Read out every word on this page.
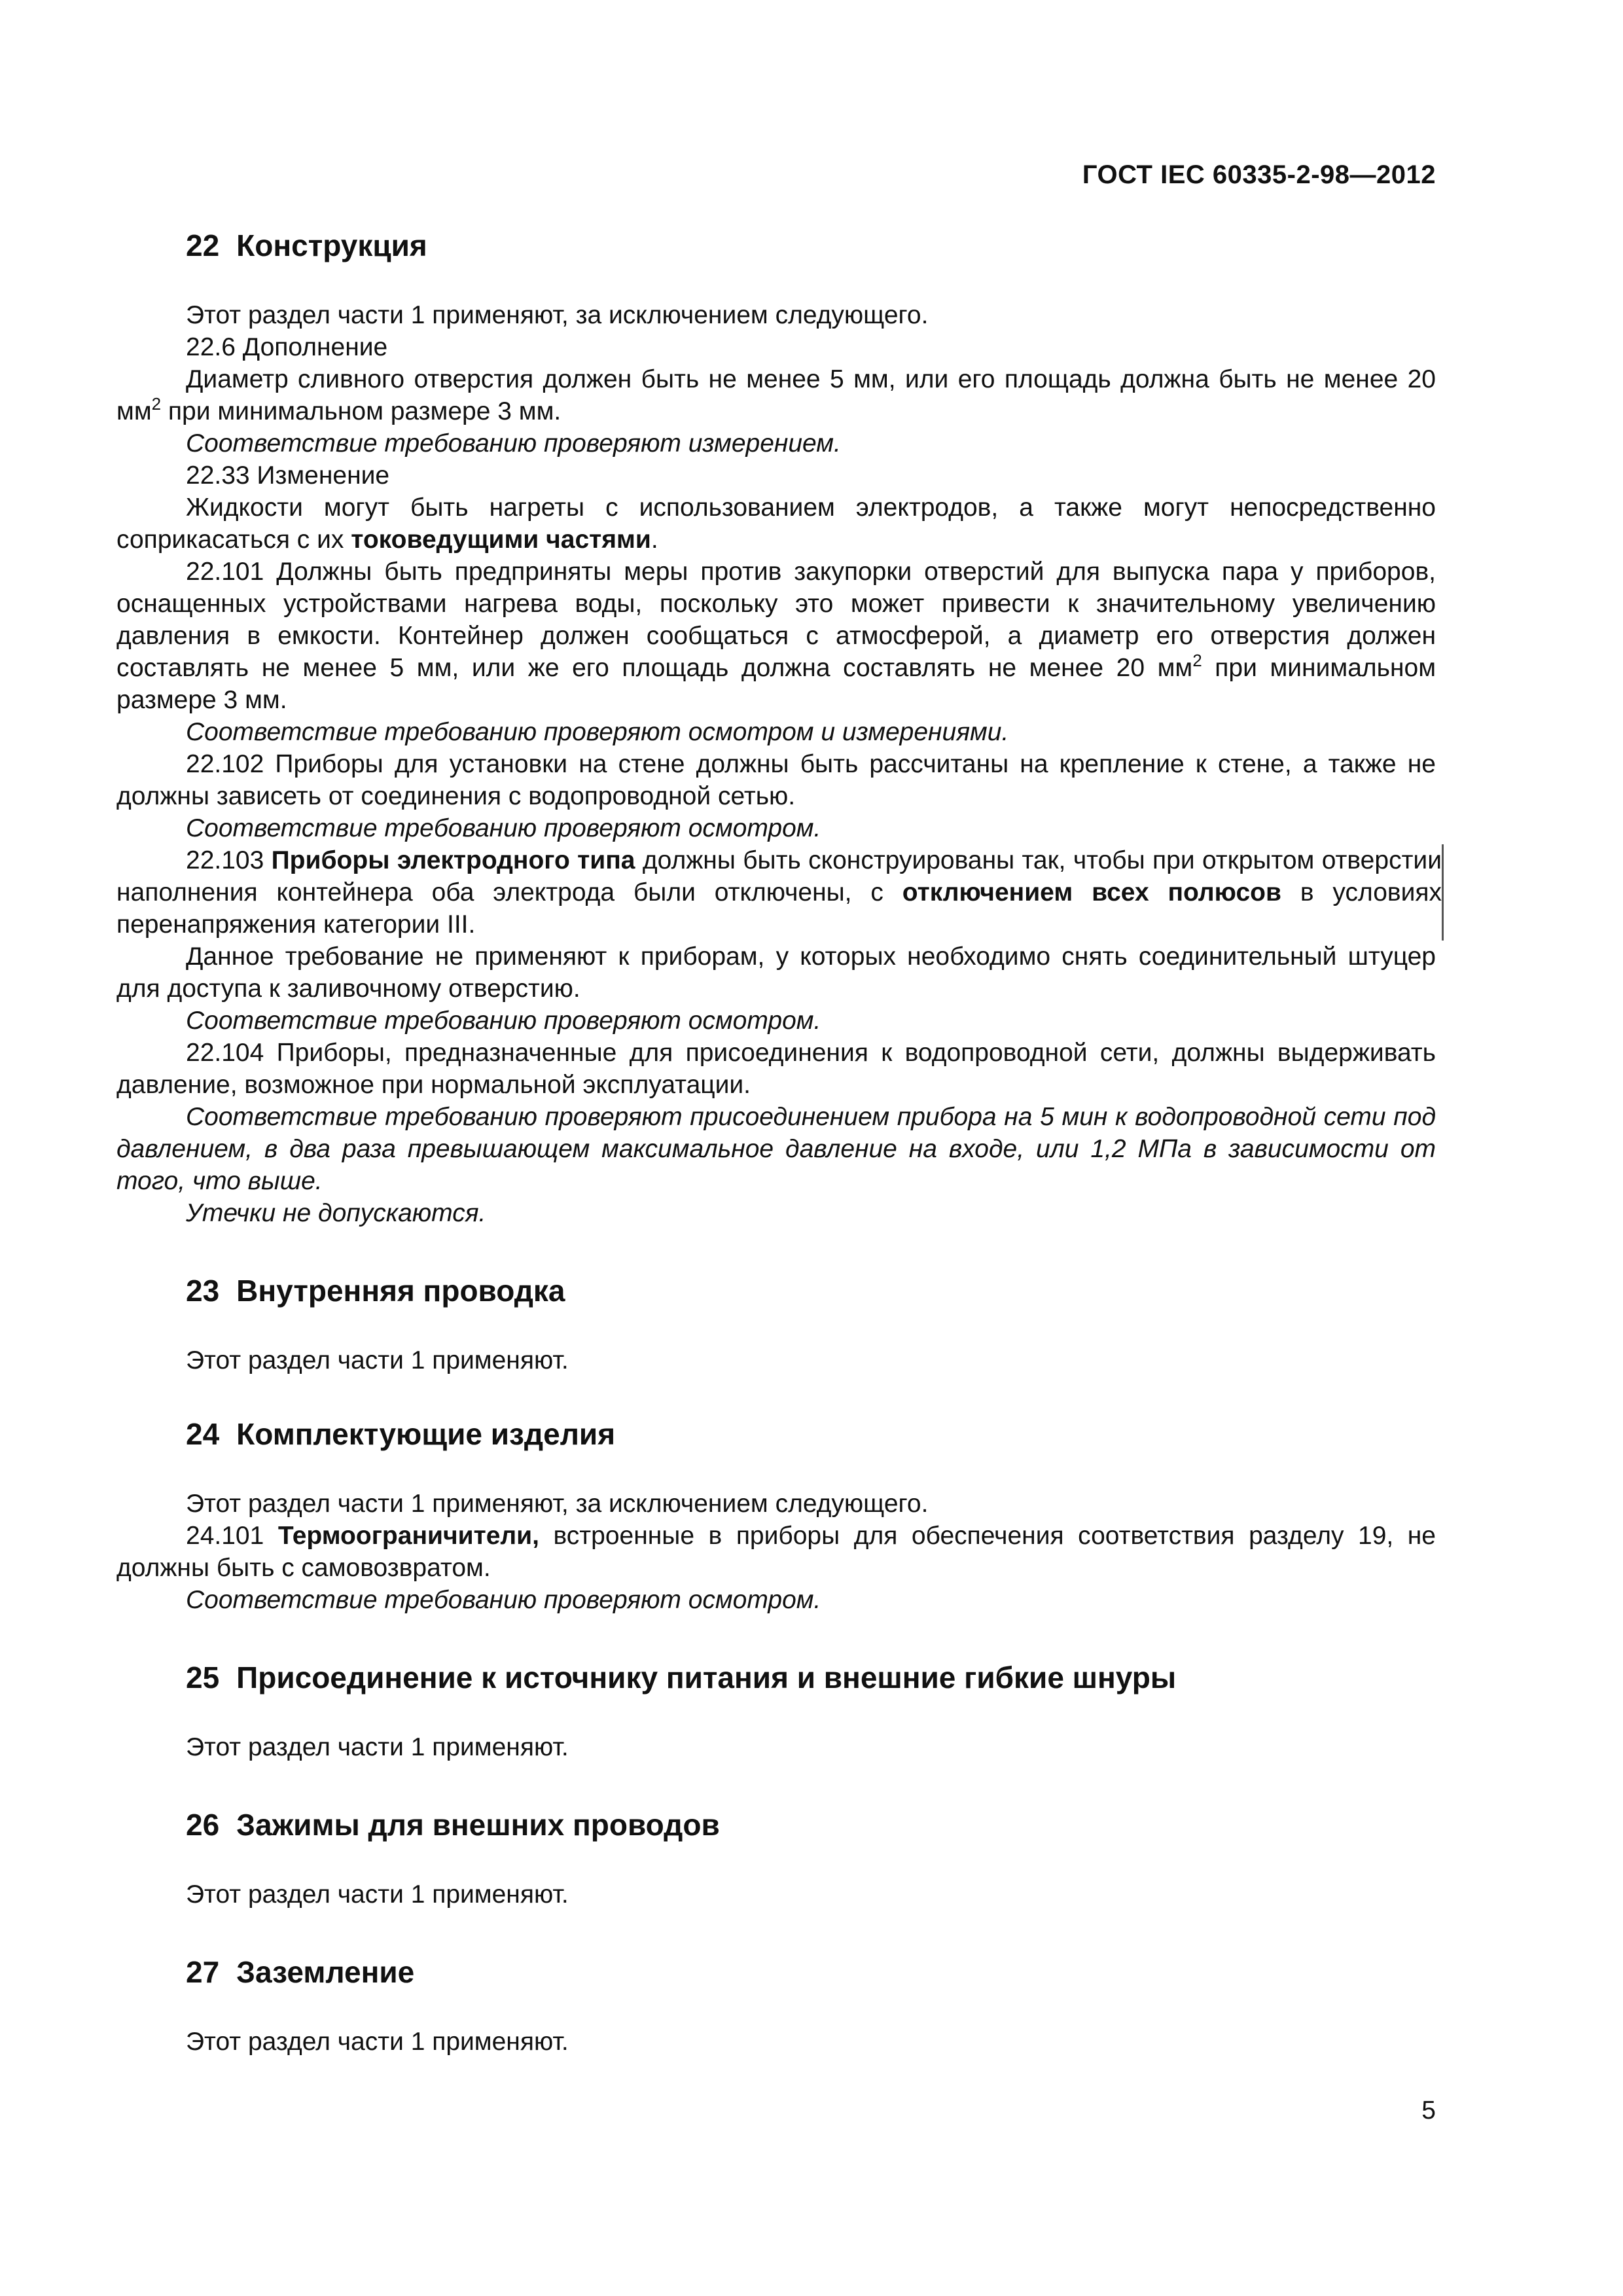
ГОСТ IEC 60335-2-98—2012
22 Конструкция

Этот раздел части 1 применяют, за исключением следующего.

22.6 Дополнение

Диаметр сливного отверстия должен быть не менее 5 мм, или его площадь должна быть не менее 20 $мм^2$ при минимальном размере 3 мм.

Соответствие требованию проверяют измерением.

22.33 Изменение

Жидкости могут быть нагреты с использованием электродов, а также могут непосредственно соприкасаться с их токоведущими частями.

22.101 Должны быть предприняты меры против закупорки отверстий для выпуска пара у приборов, оснащенных устройствами нагрева воды, поскольку это может привести к значительному увеличению давления в емкости. Контейнер должен сообщаться с атмосферой, а диаметр его отверстия должен составлять не менее 5 мм, или же его площадь должна составлять не менее 20 $мм^2$ при минимальном размере 3 мм.

Соответствие требованию проверяют осмотром и измерениями.

22.102 Приборы для установки на стене должны быть рассчитаны на крепление к стене, а также не должны зависеть от соединения с водопроводной сетью.

Соответствие требованию проверяют осмотром.

22.103 Приборы электродного типа должны быть сконструированы так, чтобы при открытом отверстии наполнения контейнера оба электрода были отключены, с отключением всех полюсов в условиях перенапряжения категории III.

Данное требование не применяют к приборам, у которых необходимо снять соединительный штуцер для доступа к заливочному отверстию.

Соответствие требованию проверяют осмотром.

22.104 Приборы, предназначенные для присоединения к водопроводной сети, должны выдерживать давление, возможное при нормальной эксплуатации.

Соответствие требованию проверяют присоединением прибора на 5 мин к водопроводной сети под давлением, в два раза превышающем максимальное давление на входе, или 1,2 МПа в зависимости от того, что выше.

Утечки не допускаются.

23 Внутренняя проводка

Этот раздел части 1 применяют.

24 Комплектующие изделия

Этот раздел части 1 применяют, за исключением следующего.

24.101 Термоограничители, встроенные в приборы для обеспечения соответствия разделу 19, не должны быть с самовозвратом.

Соответствие требованию проверяют осмотром.

25 Присоединение к источнику питания и внешние гибкие шнуры

Этот раздел части 1 применяют.

26 Зажимы для внешних проводов

Этот раздел части 1 применяют.

27 Заземление

Этот раздел части 1 применяют.

5
